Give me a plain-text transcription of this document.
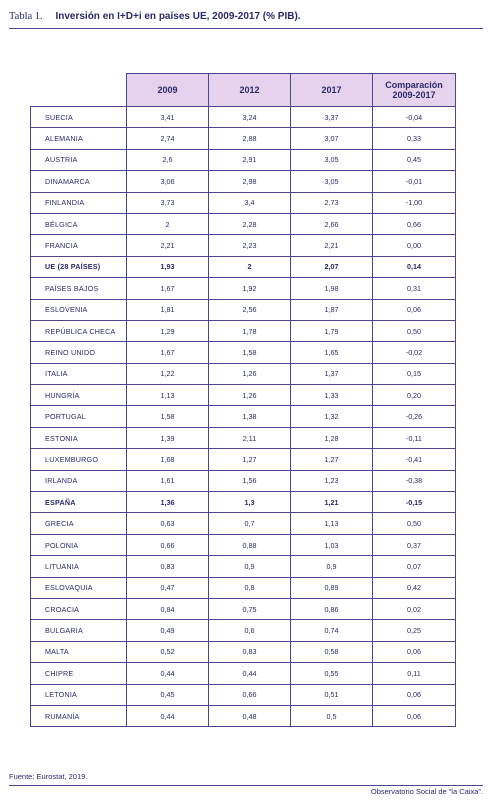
Tabla 1. Inversión en I+D+i en países UE, 2009-2017 (% PIB).
	2009	2012	2017	Comparación
2009-2017
SUECIA	3,41	3,24	3,37	-0,04
ALEMANIA	2,74	2,88	3,07	0,33
AUSTRIA	2,6	2,91	3,05	0,45
DINAMARCA	3,06	2,98	3,05	-0,01
FINLANDIA	3,73	3,4	2,73	-1,00
BÉLGICA	2	2,28	2,66	0,66
FRANCIA	2,21	2,23	2,21	0,00
UE (28 PAÍSES)	1,93	2	2,07	0,14
PAÍSES BAJOS	1,67	1,92	1,98	0,31
ESLOVENIA	1,81	2,56	1,87	0,06
REPÚBLICA CHECA	1,29	1,78	1,79	0,50
REINO UNIDO	1,67	1,58	1,65	-0,02
ITALIA	1,22	1,26	1,37	0,15
HUNGRÍA	1,13	1,26	1,33	0,20
PORTUGAL	1,58	1,38	1,32	-0,26
ESTONIA	1,39	2,11	1,28	-0,11
LUXEMBURGO	1,68	1,27	1,27	-0,41
IRLANDA	1,61	1,56	1,23	-0,38
ESPAÑA	1,36	1,3	1,21	-0,15
GRECIA	0,63	0,7	1,13	0,50
POLONIA	0,66	0,88	1,03	0,37
LITUANIA	0,83	0,9	0,9	0,07
ESLOVAQUIA	0,47	0,8	0,89	0,42
CROACIA	0,84	0,75	0,86	0,02
BULGARIA	0,49	0,6	0,74	0,25
MALTA	0,52	0,83	0,58	0,06
CHIPRE	0,44	0,44	0,55	0,11
LETONIA	0,45	0,66	0,51	0,06
RUMANÍA	0,44	0,48	0,5	0,06
Fuente: Eurostat, 2019.
Observatorio Social de “la Caixa”.
